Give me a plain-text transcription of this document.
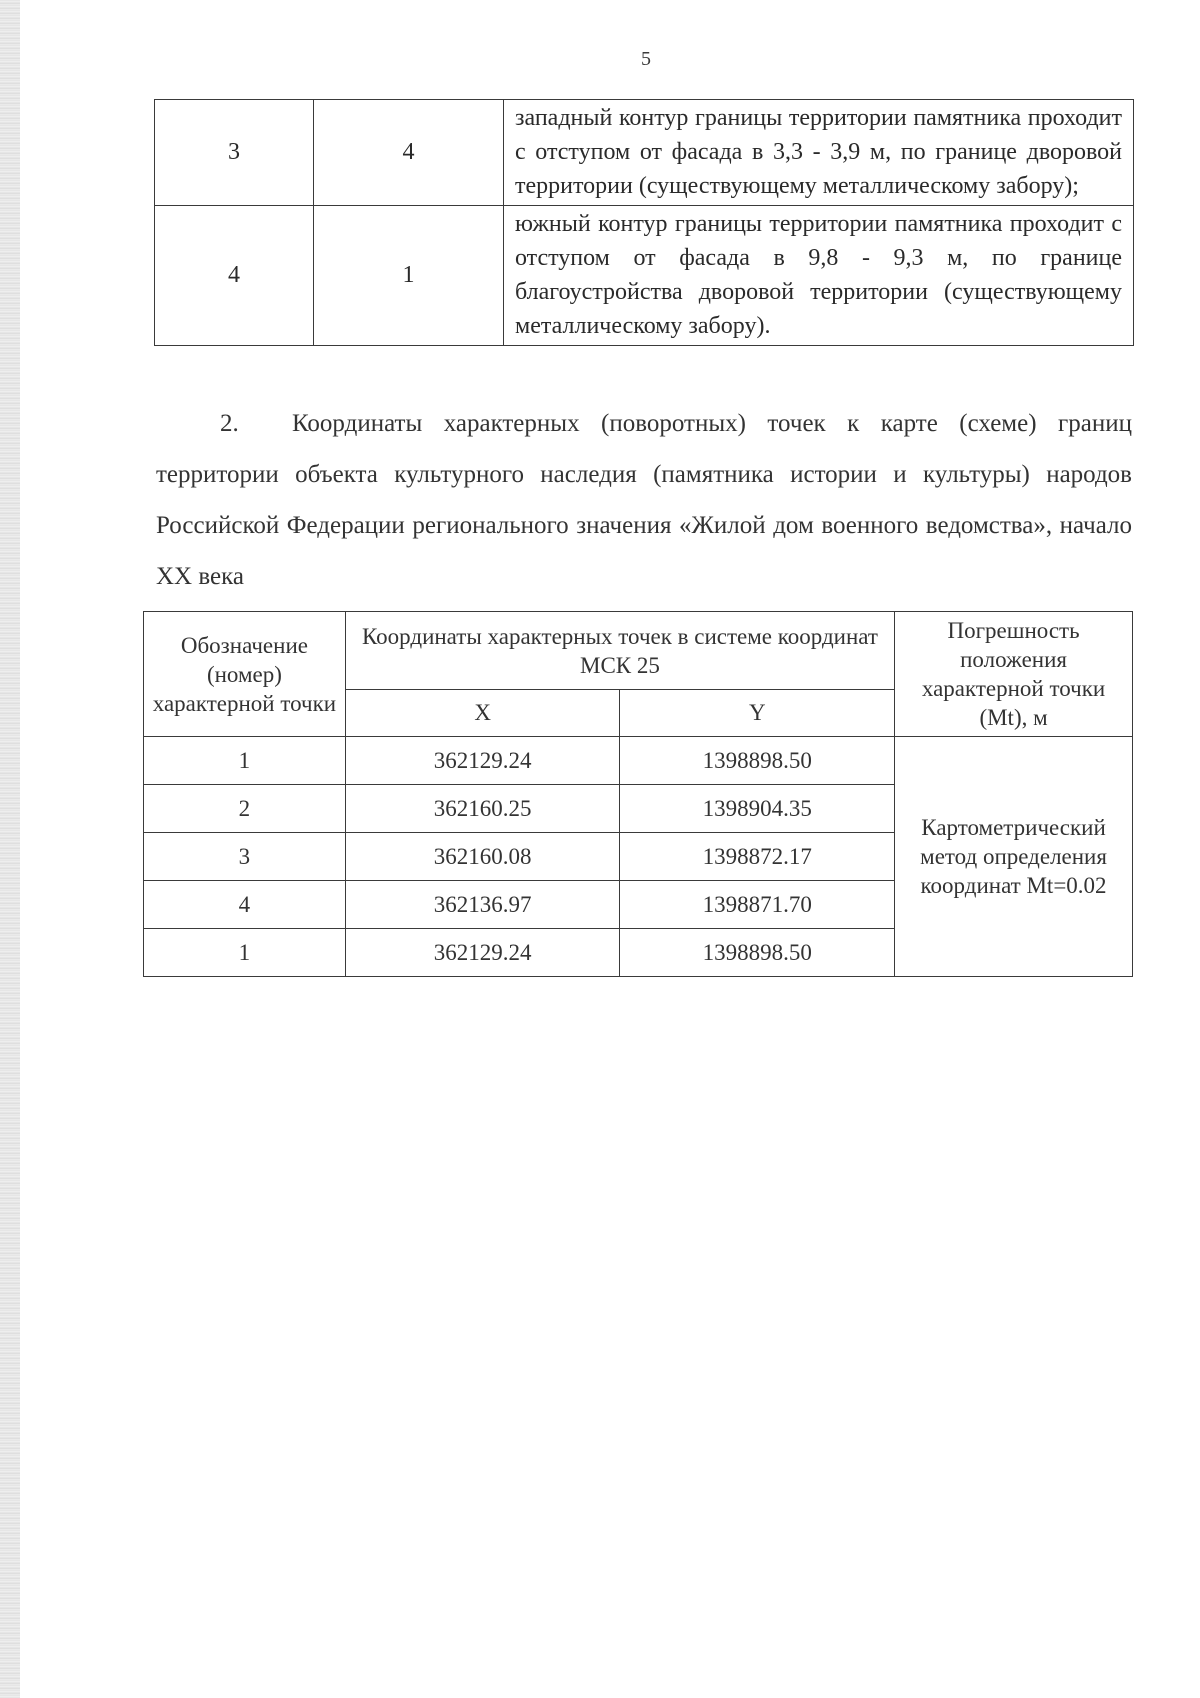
5
3	4	западный контур границы территории памятника проходит с отступом от фасада в 3,3 - 3,9 м, по границе дворовой территории (существующему металлическому забору);
4	1	южный контур границы территории памятника проходит с отступом от фасада в 9,8 - 9,3 м, по границе благоустройства дворовой территории (существующему металлическому забору).
2. Координаты характерных (поворотных) точек к карте (схеме) границ территории объекта культурного наследия (памятника истории и культуры) народов Российской Федерации регионального значения «Жилой дом военного ведомства», начало XX века
Обозначение (номер) характерной точки	Координаты характерных точек в системе координат МСК 25		Погрешность положения характерной точки (Mt), м
	X	Y	
1	362129.24	1398898.50	Картометрический метод определения координат Mt=0.02
2	362160.25	1398904.35	
3	362160.08	1398872.17	
4	362136.97	1398871.70	
1	362129.24	1398898.50	
